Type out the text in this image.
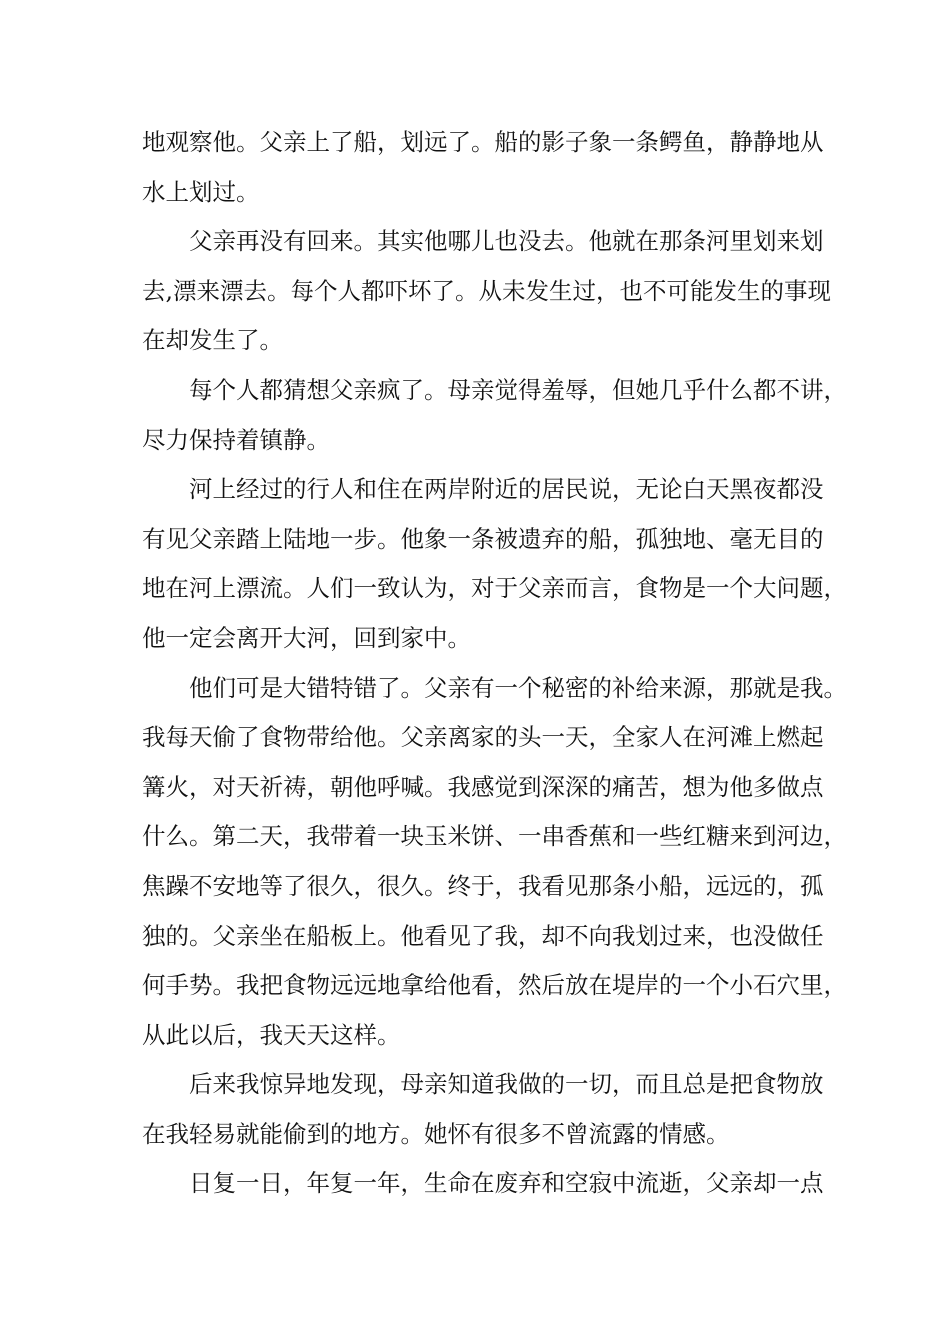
地观察他。父亲上了船，划远了。船的影子象一条鳄鱼，静静地从
水上划过。
父亲再没有回来。其实他哪儿也没去。他就在那条河里划来划
去,漂来漂去。每个人都吓坏了。从未发生过，也不可能发生的事现
在却发生了。
每个人都猜想父亲疯了。母亲觉得羞辱，但她几乎什么都不讲，
尽力保持着镇静。
河上经过的行人和住在两岸附近的居民说，无论白天黑夜都没
有见父亲踏上陆地一步。他象一条被遗弃的船，孤独地、毫无目的
地在河上漂流。人们一致认为，对于父亲而言，食物是一个大问题，
他一定会离开大河，回到家中。
他们可是大错特错了。父亲有一个秘密的补给来源，那就是我。
我每天偷了食物带给他。父亲离家的头一天，全家人在河滩上燃起
篝火，对天祈祷，朝他呼喊。我感觉到深深的痛苦，想为他多做点
什么。第二天，我带着一块玉米饼、一串香蕉和一些红糖来到河边，
焦躁不安地等了很久，很久。终于，我看见那条小船，远远的，孤
独的。父亲坐在船板上。他看见了我，却不向我划过来，也没做任
何手势。我把食物远远地拿给他看，然后放在堤岸的一个小石穴里，
从此以后，我天天这样。
后来我惊异地发现，母亲知道我做的一切，而且总是把食物放
在我轻易就能偷到的地方。她怀有很多不曾流露的情感。
日复一日，年复一年，生命在废弃和空寂中流逝，父亲却一点
